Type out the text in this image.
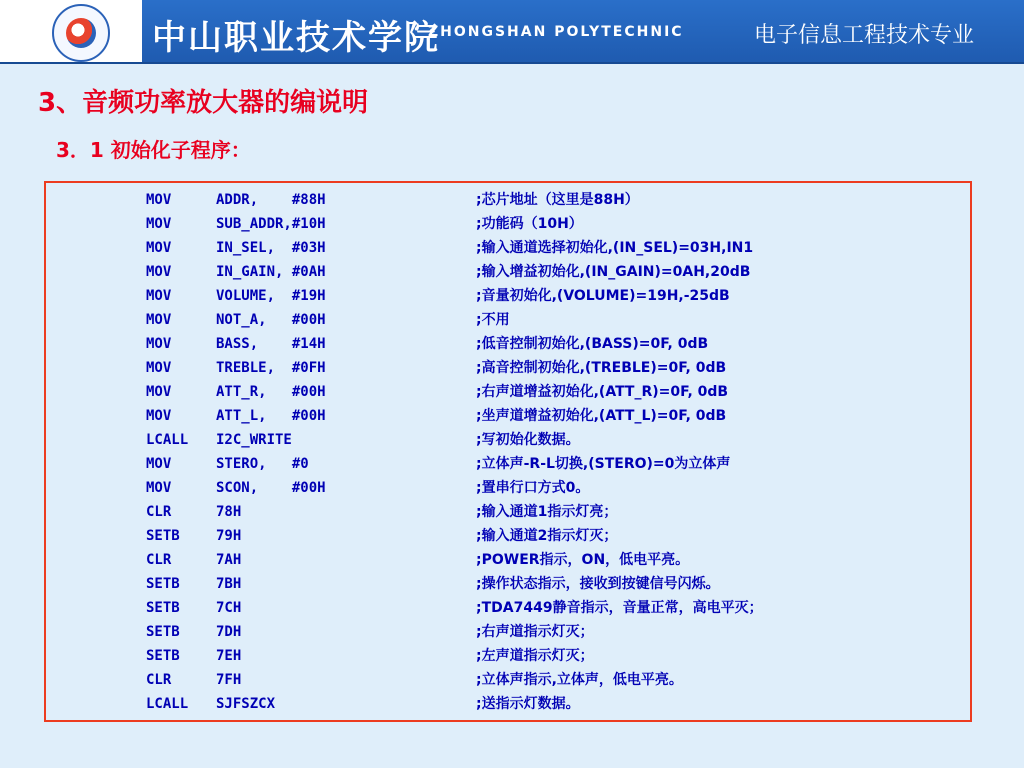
中山职业技术学院
ZHONGSHAN POLYTECHNIC	电子信息工程技术专业
3、音频功率放大器的编说明
3．1 初始化子程序：
MOV	ADDR,    #88H	;芯片地址（这里是88H）
MOV	SUB_ADDR,#10H	;功能码（10H）
MOV	IN_SEL,  #03H	;输入通道选择初始化,(IN_SEL)=03H,IN1
MOV	IN_GAIN, #0AH	;输入增益初始化,(IN_GAIN)=0AH,20dB
MOV	VOLUME,  #19H	;音量初始化,(VOLUME)=19H,-25dB
MOV	NOT_A,   #00H	;不用
MOV	BASS,    #14H	;低音控制初始化,(BASS)=0F, 0dB
MOV	TREBLE,  #0FH	;高音控制初始化,(TREBLE)=0F, 0dB
MOV	ATT_R,   #00H	;右声道增益初始化,(ATT_R)=0F, 0dB
MOV	ATT_L,   #00H	;坐声道增益初始化,(ATT_L)=0F, 0dB
LCALL I2C_WRITE	;写初始化数据。
MOV	STERO,   #0	;立体声-R-L切换,(STERO)=0为立体声
MOV	SCON,    #00H	;置串行口方式0。
CLR	78H	;输入通道1指示灯亮；
SETB	79H	;输入通道2指示灯灭；
CLR	7AH	;POWER指示，ON，低电平亮。
SETB	7BH	;操作状态指示，接收到按键信号闪烁。
SETB	7CH	;TDA7449静音指示，音量正常，高电平灭；
SETB	7DH	;右声道指示灯灭；
SETB	7EH	;左声道指示灯灭；
CLR	7FH	;立体声指示,立体声，低电平亮。
LCALL SJFSZCX	;送指示灯数据。
